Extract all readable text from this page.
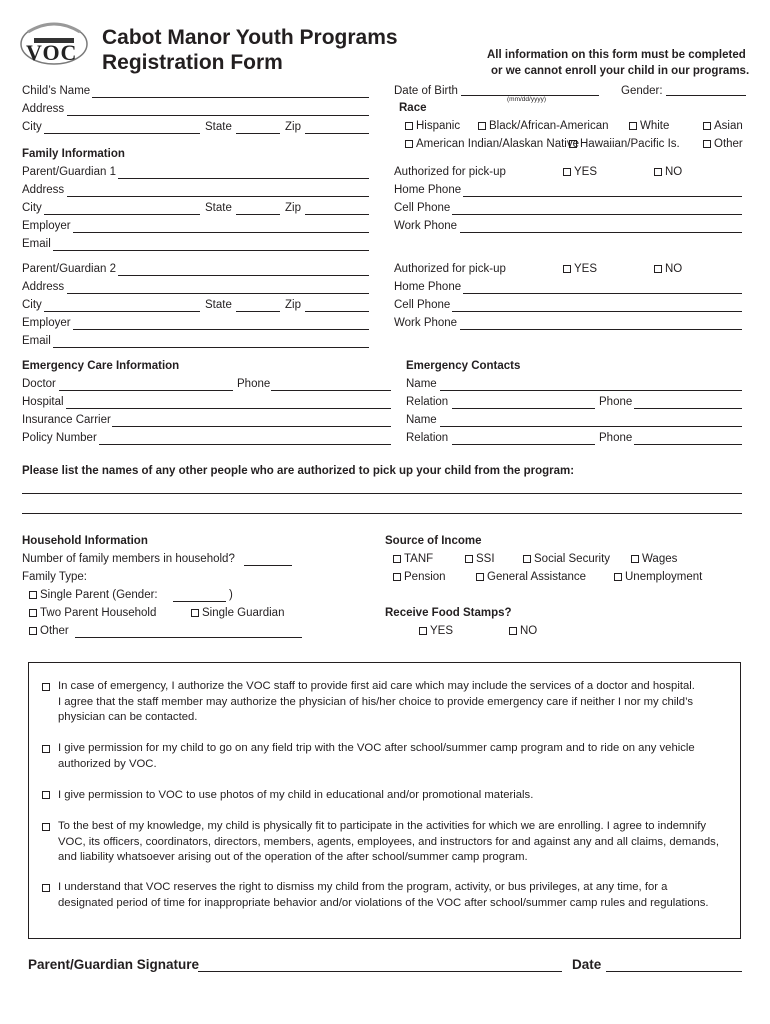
VOC
Cabot Manor Youth Programs
Registration Form	All information on this form must be completed
or we cannot enroll your child in our programs.
Child’s Name
Address
City	State	Zip
Date of Birth
(mm/dd/yyyy)
Gender:
Race
Hispanic	Black/African-American	White	Asian
American Indian/Alaskan Native Hawaiian/Pacific Is.	Other
Family Information
Parent/Guardian 1
Address
City	State	Zip
Employer
Email
Authorized for pick-up	YES	NO
Home Phone
Cell Phone
Work Phone
Parent/Guardian 2
Address
City	State	Zip
Employer
Email
Authorized for pick-up	YES	NO
Home Phone
Cell Phone
Work Phone
Emergency Care Information
Doctor	Phone
Hospital
Insurance Carrier
Policy Number
Emergency Contacts
Name
Relation	Phone
Name
Relation	Phone
Please list the names of any other people who are authorized to pick up your child from the program:
Household Information
Number of family members in household?
Family Type:
Single Parent (Gender:	)
Two Parent Household	Single Guardian
Other
Source of Income
TANF	SSI	Social Security	Wages
Pension	General Assistance	Unemployment
Receive Food Stamps?
YES	NO
In case of emergency, I authorize the VOC staff to provide first aid care which may include the services of a doctor and hospital.
I agree that the staff member may authorize the physician of his/her choice to provide emergency care if neither I nor my child’s
physician can be contacted.
I give permission for my child to go on any field trip with the VOC after school/summer camp program and to ride on any vehicle
authorized by VOC.
I give permission to VOC to use photos of my child in educational and/or promotional materials.
To the best of my knowledge, my child is physically fit to participate in the activities for which we are enrolling. I agree to indemnify
VOC, its officers, coordinators, directors, members, agents, employees, and instructors for and against any and all claims, demands,
and liability whatsoever arising out of the operation of the after school/summer camp program.
I understand that VOC reserves the right to dismiss my child from the program, activity, or bus privileges, at any time, for a
designated period of time for inappropriate behavior and/or violations of the VOC after school/summer camp rules and regulations.
Parent/Guardian Signature	Date
